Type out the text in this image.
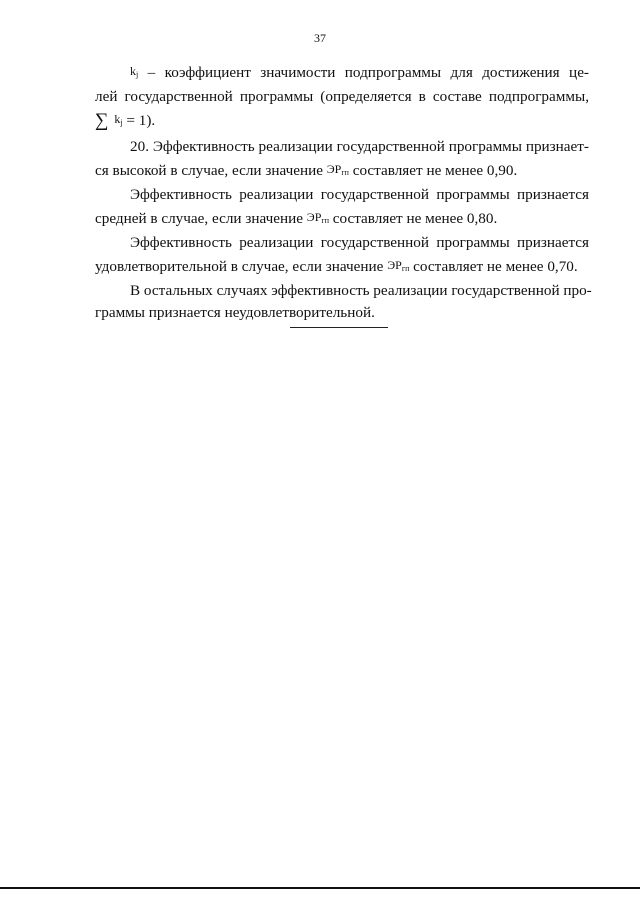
37
$k_j$ – коэффициент значимости подпрограммы для достижения це-
лей государственной программы (определяется в составе подпрограммы,
∑ $k_j = 1$).
20. Эффективность реализации государственной программы признает-
ся высокой в случае, если значение $ЭР_{гп}$ составляет не менее 0,90.
Эффективность реализации государственной программы признается
средней в случае, если значение $ЭР_{гп}$ составляет не менее 0,80.
Эффективность реализации государственной программы признается
удовлетворительной в случае, если значение $ЭР_{гп}$ составляет не менее 0,70.
В остальных случаях эффективность реализации государственной про-
граммы признается неудовлетворительной.
